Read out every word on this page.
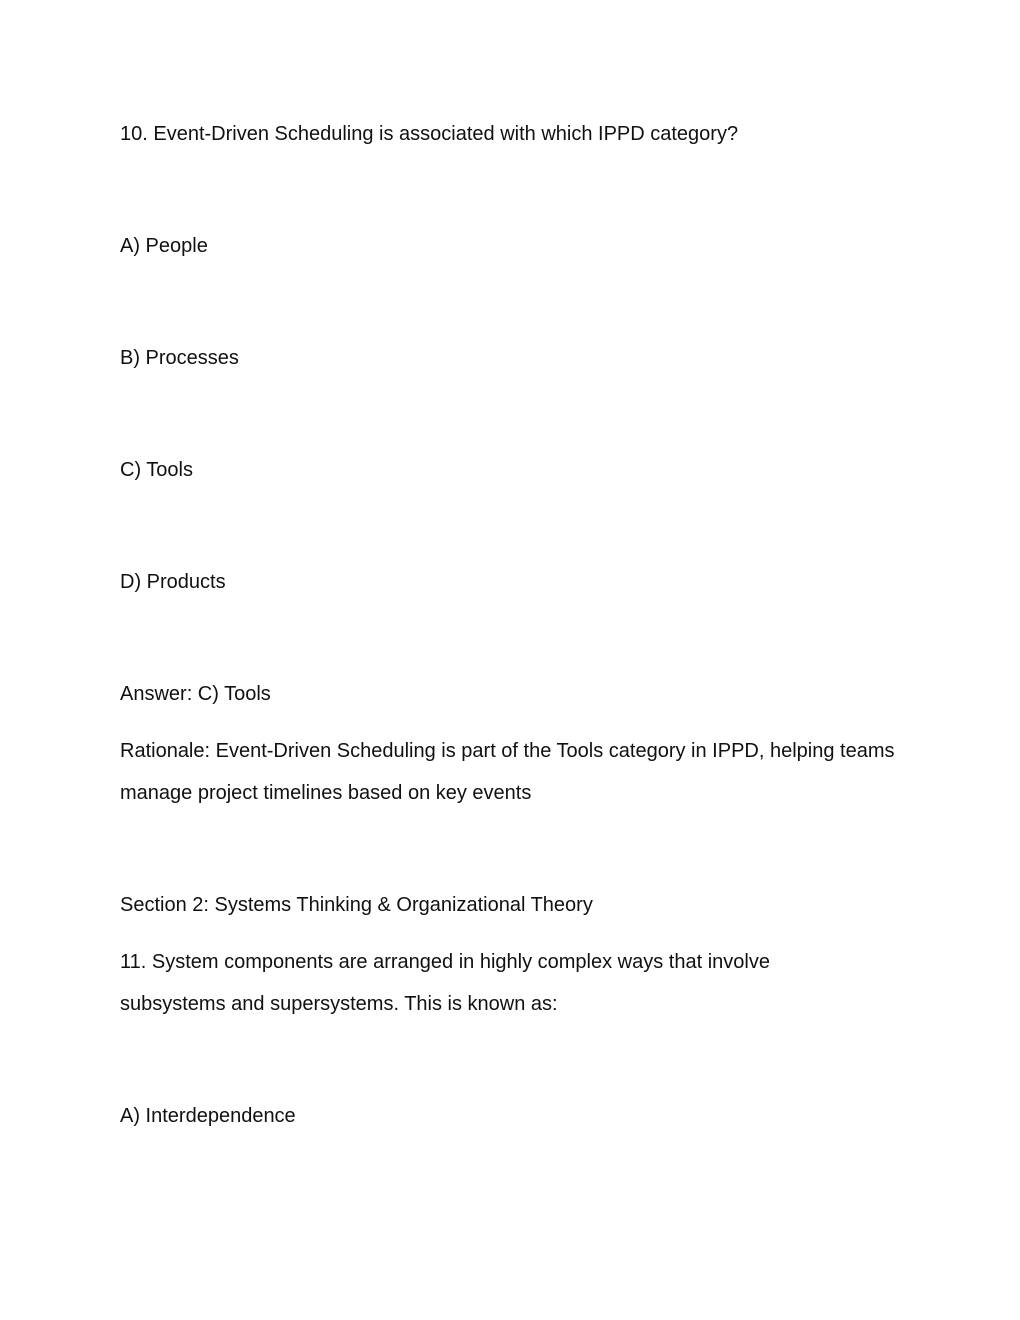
10. Event-Driven Scheduling is associated with which IPPD category?

A) People

B) Processes

C) Tools

D) Products

Answer: C) Tools

Rationale: Event-Driven Scheduling is part of the Tools category in IPPD, helping teams manage project timelines based on key events

Section 2: Systems Thinking & Organizational Theory

11. System components are arranged in highly complex ways that involve subsystems and supersystems. This is known as:

A) Interdependence
